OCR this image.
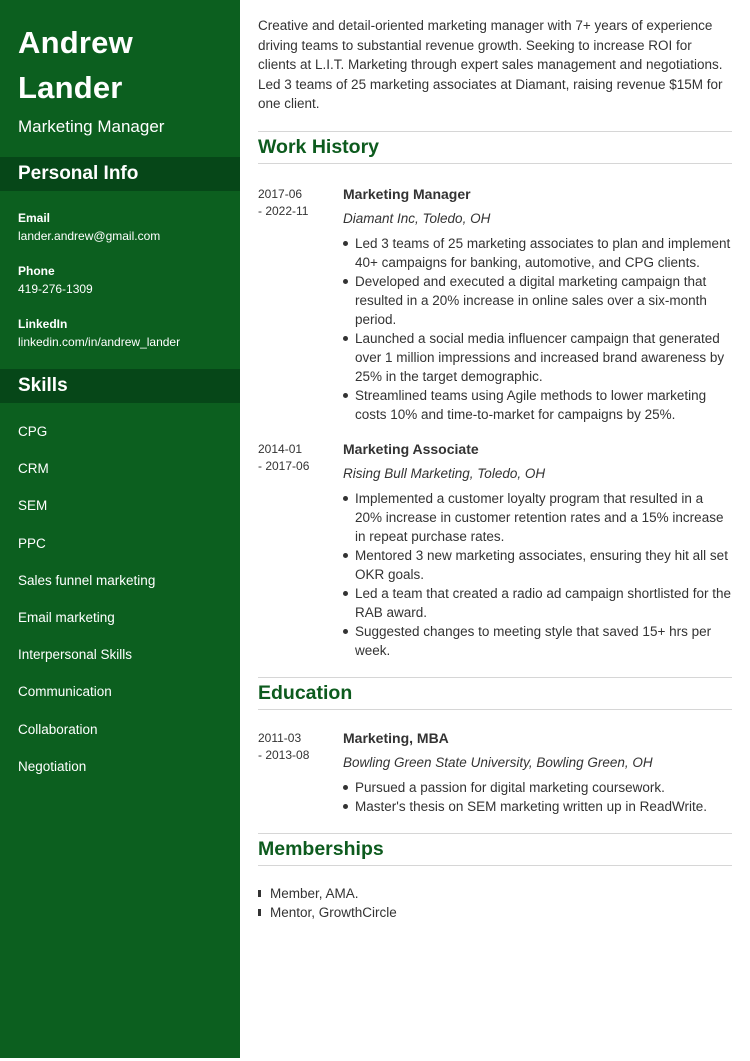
Andrew
Lander
Marketing Manager
Personal Info
Email
lander.andrew@gmail.com
Phone
419-276-1309
LinkedIn
linkedin.com/in/andrew_lander
Skills
CPG
CRM
SEM
PPC
Sales funnel marketing
Email marketing
Interpersonal Skills
Communication
Collaboration
Negotiation

Creative and detail-oriented marketing manager with 7+ years of experience driving teams to substantial revenue growth. Seeking to increase ROI for clients at L.I.T. Marketing through expert sales management and negotiations. Led 3 teams of 25 marketing associates at Diamant, raising revenue $15M for one client.

Work History
2017-06
- 2022-11
Marketing Manager
Diamant Inc, Toledo, OH
Led 3 teams of 25 marketing associates to plan and implement 40+ campaigns for banking, automotive, and CPG clients.
Developed and executed a digital marketing campaign that resulted in a 20% increase in online sales over a six-month period.
Launched a social media influencer campaign that generated over 1 million impressions and increased brand awareness by 25% in the target demographic.
Streamlined teams using Agile methods to lower marketing costs 10% and time-to-market for campaigns by 25%.
2014-01
- 2017-06
Marketing Associate
Rising Bull Marketing, Toledo, OH
Implemented a customer loyalty program that resulted in a 20% increase in customer retention rates and a 15% increase in repeat purchase rates.
Mentored 3 new marketing associates, ensuring they hit all set OKR goals.
Led a team that created a radio ad campaign shortlisted for the RAB award.
Suggested changes to meeting style that saved 15+ hrs per week.
Education
2011-03
- 2013-08
Marketing, MBA
Bowling Green State University, Bowling Green, OH
Pursued a passion for digital marketing coursework.
Master's thesis on SEM marketing written up in ReadWrite.
Memberships
Member, AMA.
Mentor, GrowthCircle
